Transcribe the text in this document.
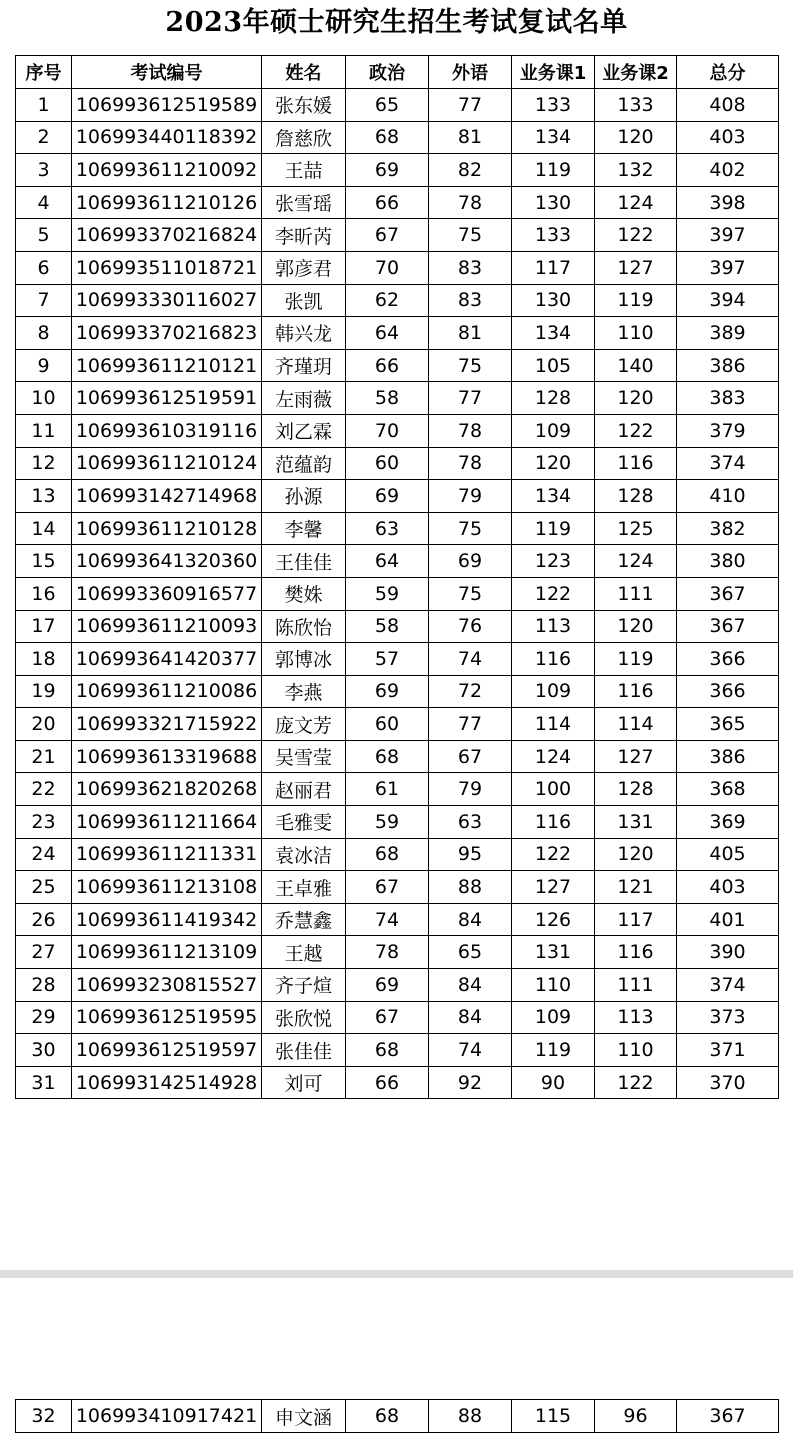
2023年硕士研究生招生考试复试名单
序号	考试编号	姓名	政治	外语	业务课1	业务课2	总分
1	106993612519589	张东媛	65	77	133	133	408
2	106993440118392	詹慈欣	68	81	134	120	403
3	106993611210092	王喆	69	82	119	132	402
4	106993611210126	张雪瑶	66	78	130	124	398
5	106993370216824	李昕芮	67	75	133	122	397
6	106993511018721	郭彦君	70	83	117	127	397
7	106993330116027	张凯	62	83	130	119	394
8	106993370216823	韩兴龙	64	81	134	110	389
9	106993611210121	齐瑾玥	66	75	105	140	386
10	106993612519591	左雨薇	58	77	128	120	383
11	106993610319116	刘乙霖	70	78	109	122	379
12	106993611210124	范蕴韵	60	78	120	116	374
13	106993142714968	孙源	69	79	134	128	410
14	106993611210128	李馨	63	75	119	125	382
15	106993641320360	王佳佳	64	69	123	124	380
16	106993360916577	樊姝	59	75	122	111	367
17	106993611210093	陈欣怡	58	76	113	120	367
18	106993641420377	郭博冰	57	74	116	119	366
19	106993611210086	李燕	69	72	109	116	366
20	106993321715922	庞文芳	60	77	114	114	365
21	106993613319688	吴雪莹	68	67	124	127	386
22	106993621820268	赵丽君	61	79	100	128	368
23	106993611211664	毛雅雯	59	63	116	131	369
24	106993611211331	袁冰洁	68	95	122	120	405
25	106993611213108	王卓雅	67	88	127	121	403
26	106993611419342	乔慧鑫	74	84	126	117	401
27	106993611213109	王越	78	65	131	116	390
28	106993230815527	齐子煊	69	84	110	111	374
29	106993612519595	张欣悦	67	84	109	113	373
30	106993612519597	张佳佳	68	74	119	110	371
31	106993142514928	刘可	66	92	90	122	370
32	106993410917421	申文涵	68	88	115	96	367
